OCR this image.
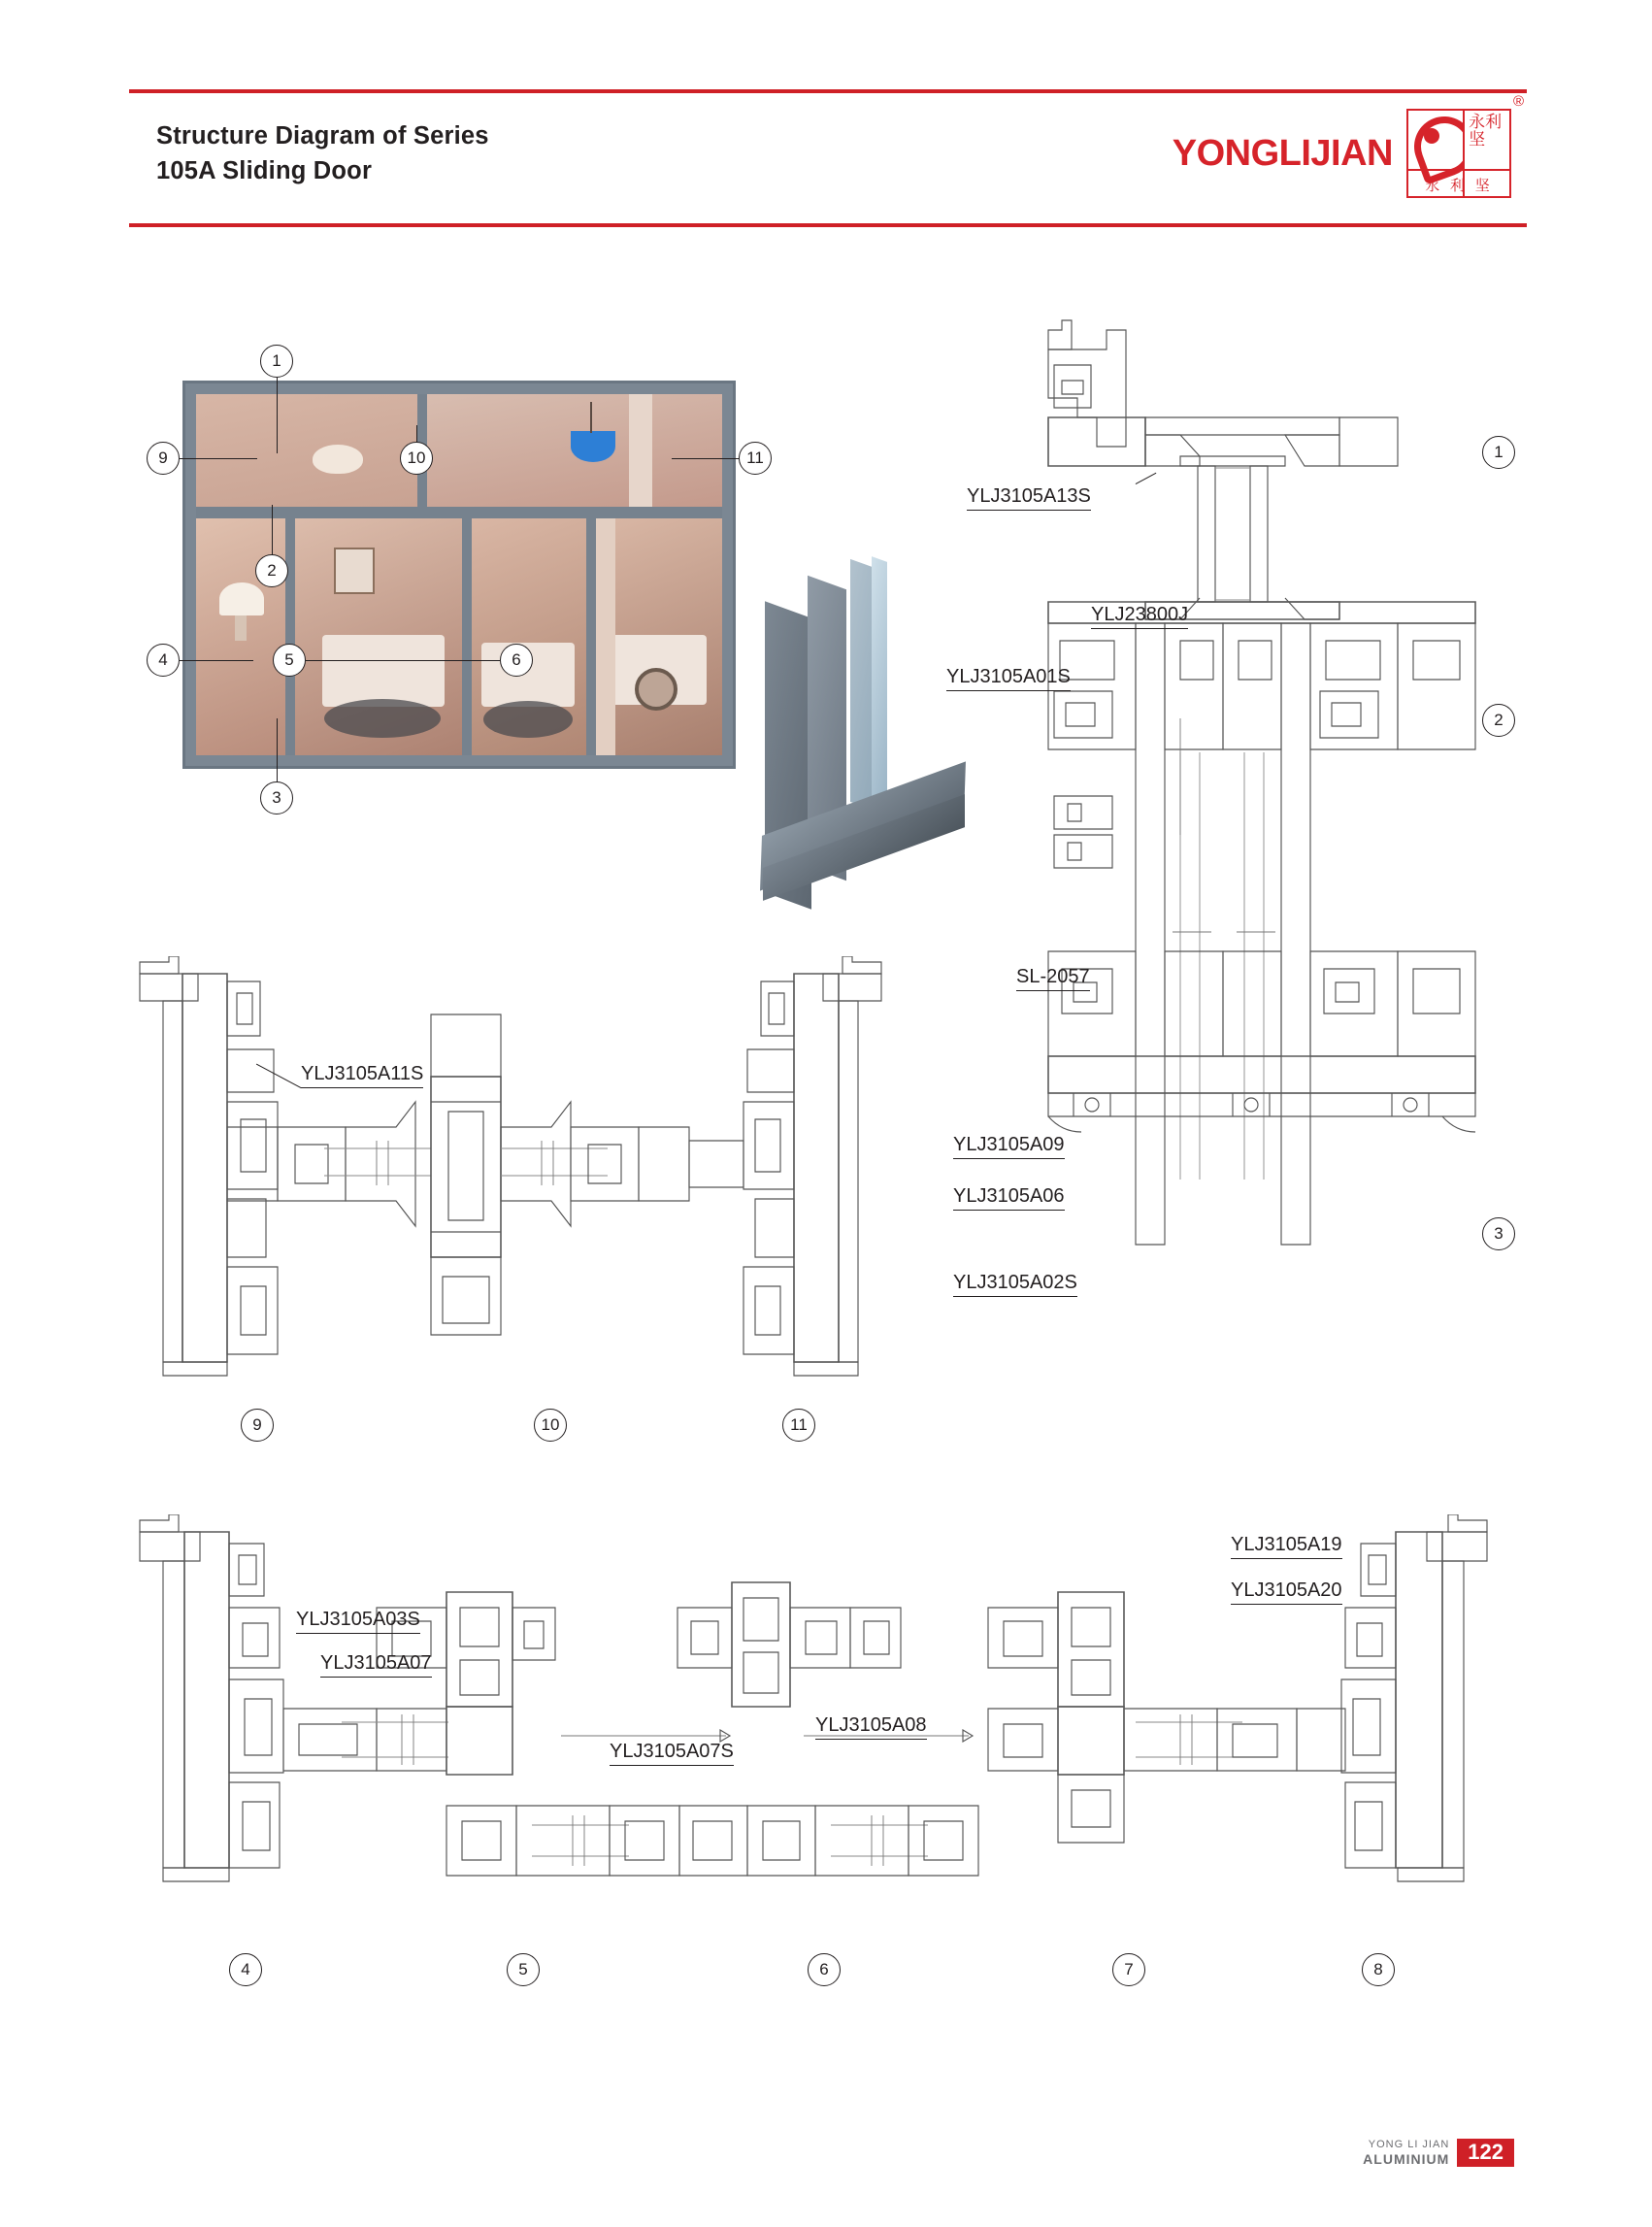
Structure Diagram of Series
105A Sliding Door
®
YONGLIJIAN
永利坚
永 利 坚
1
9	10	11
2
4	5	6
3
YLJ3105A13S
YLJ23800J
YLJ3105A01S
SL-2057
YLJ3105A09
YLJ3105A06
YLJ3105A02S
1
2
3
YLJ3105A11S
9	10	11
YLJ3105A19
YLJ3105A20
YLJ3105A03S
YLJ3105A07
YLJ3105A08
YLJ3105A07S
4	5	6	7	8
YONG LI JIAN
ALUMINIUM 122
